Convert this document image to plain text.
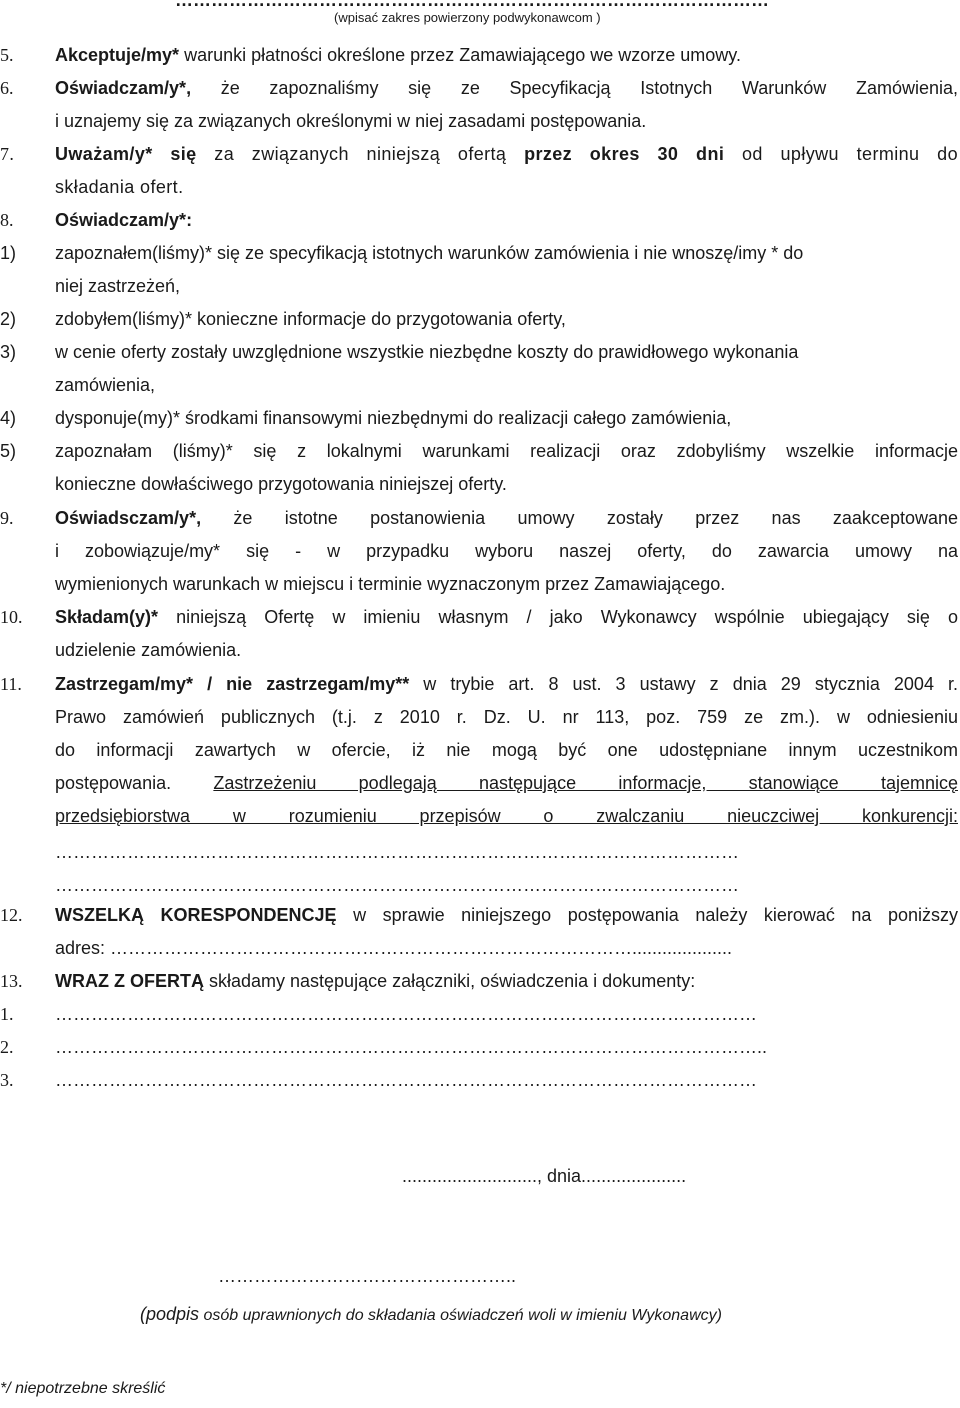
………………………………………………………………………………………
(wpisać zakres powierzony podwykonawcom )
5.	Akceptuje/my* warunki płatności określone przez Zamawiającego we wzorze umowy.
6.	Oświadczam/y*, że zapoznaliśmy się ze Specyfikacją Istotnych Warunków Zamówienia,
i uznajemy się za związanych określonymi w niej zasadami postępowania.
7.	Uważam/y* się za związanych niniejszą ofertą przez okres 30 dni od upływu terminu do
składania ofert.
8.	Oświadczam/y*:
1)	zapoznałem(liśmy)* się ze specyfikacją istotnych warunków zamówienia i nie wnoszę/imy * do
niej zastrzeżeń,
2)	zdobyłem(liśmy)* konieczne informacje do przygotowania oferty,
3)	w cenie oferty zostały uwzględnione wszystkie niezbędne koszty do prawidłowego wykonania
zamówienia,
4)	dysponuje(my)* środkami finansowymi niezbędnymi do realizacji całego zamówienia,
5)	zapoznałam (liśmy)* się z lokalnymi warunkami realizacji oraz zdobyliśmy wszelkie informacje
konieczne dowłaściwego przygotowania niniejszej oferty.
9.	Oświadsczam/y*, że istotne postanowienia umowy zostały przez nas zaakceptowane
i zobowiązuje/my* się - w przypadku wyboru naszej oferty, do zawarcia umowy na
wymienionych warunkach w miejscu i terminie wyznaczonym przez Zamawiającego.
10.	Składam(y)* niniejszą Ofertę w imieniu własnym / jako Wykonawcy wspólnie ubiegający się o
udzielenie zamówienia.
11.	Zastrzegam/my* / nie zastrzegam/my** w trybie art. 8 ust. 3 ustawy z dnia 29 stycznia 2004 r.
Prawo zamówień publicznych (t.j. z 2010 r. Dz. U. nr 113, poz. 759 ze zm.). w odniesieniu
do informacji zawartych w ofercie, iż nie mogą być one udostępniane innym uczestnikom
postępowania. Zastrzeżeniu podlegają następujące informacje, stanowiące tajemnicę
przedsiębiorstwa w rozumieniu przepisów o zwalczaniu nieuczciwej konkurencji:
……………………………………………………………………………………………………
……………………………………………………………………………………………………
12.	WSZELKĄ KORESPONDENCJĘ w sprawie niniejszego postępowania należy kierować na poniższy
adres: ……………………………………………………………………………....................
13.	WRAZ Z OFERTĄ składamy następujące załączniki, oświadczenia i dokumenty:
1.	………………………………………………………………………………………………………
2.	………………………………………………………………………………………………………..
3.	………………………………………………………………………………………………………
..........................., dnia.....................
…………………………………………..
(podpis osób uprawnionych do składania oświadczeń woli w imieniu Wykonawcy)
*/ niepotrzebne skreślić
